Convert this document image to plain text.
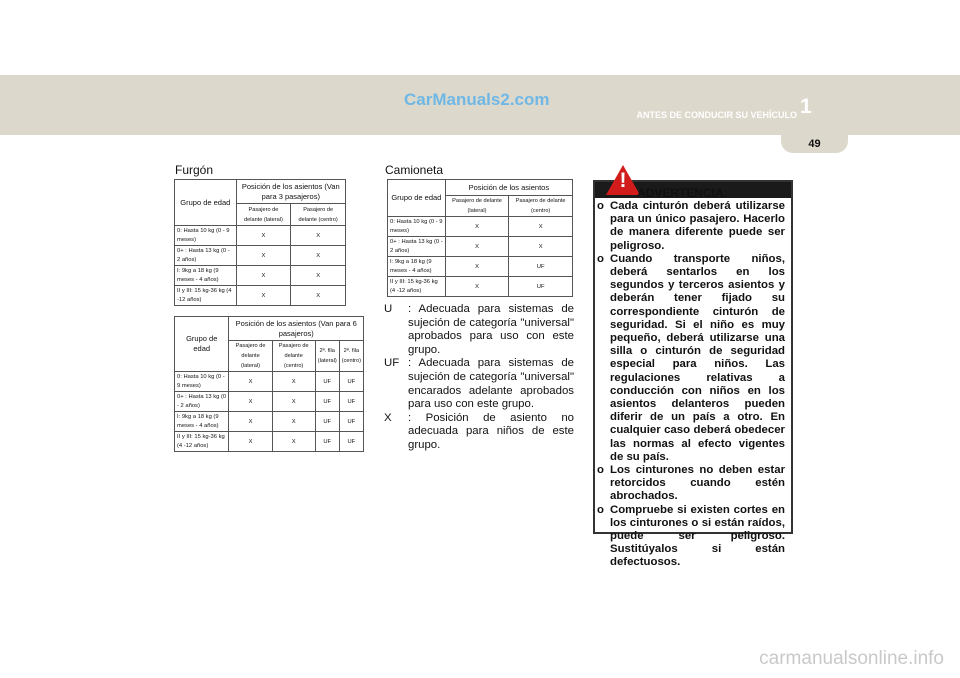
CarManuals2.com
ANTES DE CONDUCIR SU VEHÍCULO 1
49
Furgón
Grupo de edad	Posición de los asientos (Van para 3 pasajeros)	
	Pasajero de delante (lateral)	Pasajero de delante (centro)
0: Hasta 10 kg (0 - 9 meses)	X	X
0+ : Hasta 13 kg (0 - 2 años)	X	X
I: 9kg a 18 kg (9 meses - 4 años)	X	X
II y III: 15 kg-36 kg (4 -12 años)	X	X
Grupo de edad	Posición de los asientos (Van para 6 pasajeros)			
	Pasajero de delante (lateral)	Pasajero de delante (centro)	2ª. fila (lateral)	2ª. fila (centro)
0: Hasta 10 kg (0 - 9 meses)	X	X	UF	UF
0+ : Hasta 13 kg (0 - 2 años)	X	X	UF	UF
I: 9kg a 18 kg (9 meses - 4 años)	X	X	UF	UF
II y III: 15 kg-36 kg (4 -12 años)	X	X	UF	UF
Camioneta
Grupo de edad	Posición de los asientos	
	Pasajero de delante (lateral)	Pasajero de delante (centro)
0: Hasta 10 kg (0 - 9 meses)	X	X
0+ : Hasta 13 kg (0 - 2 años)	X	X
I: 9kg a 18 kg (9 meses - 4 años)	X	UF
II y III: 15 kg-36 kg (4 -12 años)	X	UF
U	: Adecuada para sistemas de sujeción de categoría "universal" aprobados para uso con este grupo.
UF : Adecuada para sistemas de sujeción de categoría "universal" encarados adelante aprobados para uso con este grupo.
X	: Posición de asiento no adecuada para niños de este grupo.
!
ADVERTENCIA:
o Cada cinturón deberá utilizarse para un único pasajero. Hacerlo de manera diferente puede ser peligroso.
o Cuando transporte niños, deberá sentarlos en los segundos y terceros asientos y deberán tener fijado su correspondiente cinturón de seguridad. Si el niño es muy pequeño, deberá utilizarse una silla o cinturón de seguridad especial para niños. Las regulaciones relativas a conducción con niños en los asientos delanteros pueden diferir de un país a otro. En cualquier caso deberá obedecer las normas al efecto vigentes de su país.
o Los cinturones no deben estar retorcidos cuando estén abrochados.
o Compruebe si existen cortes en los cinturones o si están raídos, puede ser peligroso. Sustitúyalos si están defectuosos.
carmanualsonline.info
